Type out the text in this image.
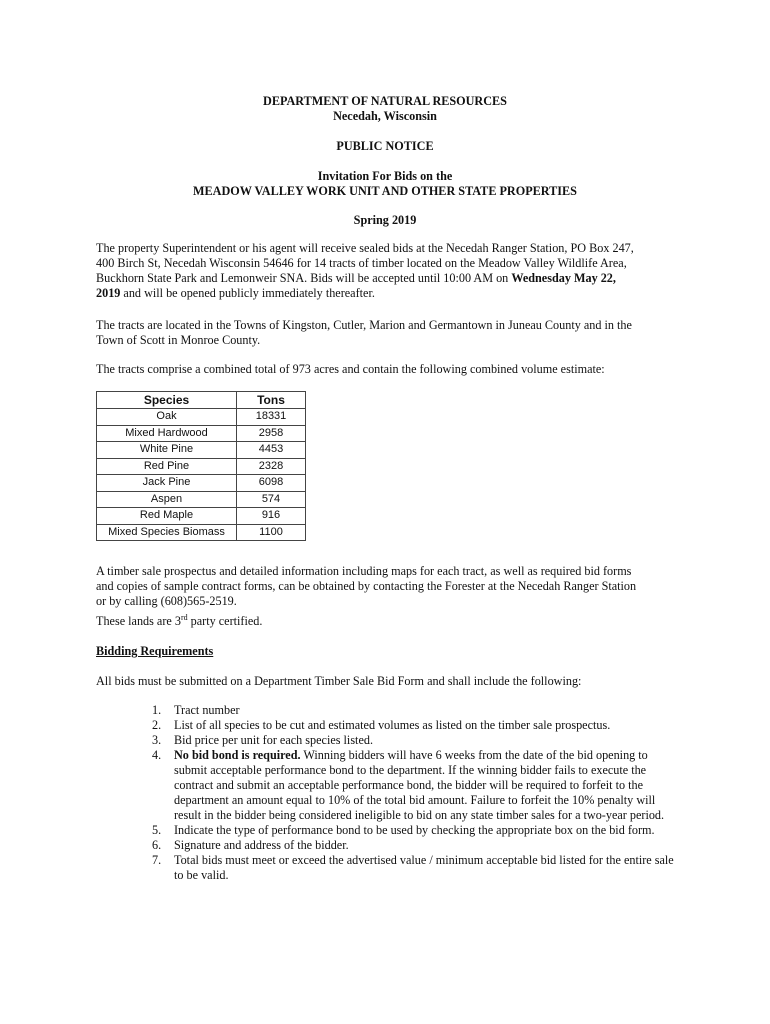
DEPARTMENT OF NATURAL RESOURCES
Necedah, Wisconsin
PUBLIC NOTICE
Invitation For Bids on the
MEADOW VALLEY WORK UNIT AND OTHER STATE PROPERTIES
Spring 2019
The property Superintendent or his agent will receive sealed bids at the Necedah Ranger Station, PO Box 247,
400 Birch St, Necedah Wisconsin 54646 for 14 tracts of timber located on the Meadow Valley Wildlife Area,
Buckhorn State Park and Lemonweir SNA. Bids will be accepted until 10:00 AM on Wednesday May 22,
2019 and will be opened publicly immediately thereafter.
The tracts are located in the Towns of Kingston, Cutler, Marion and Germantown in Juneau County and in the
Town of Scott in Monroe County.
The tracts comprise a combined total of 973 acres and contain the following combined volume estimate:
Species	Tons
Oak	18331
Mixed Hardwood	2958
White Pine	4453
Red Pine	2328
Jack Pine	6098
Aspen	574
Red Maple	916
Mixed Species Biomass	1100
A timber sale prospectus and detailed information including maps for each tract, as well as required bid forms
and copies of sample contract forms, can be obtained by contacting the Forester at the Necedah Ranger Station
or by calling (608)565-2519.
These lands are 3rd party certified.
Bidding Requirements
All bids must be submitted on a Department Timber Sale Bid Form and shall include the following:
1. Tract number
2. List of all species to be cut and estimated volumes as listed on the timber sale prospectus.
3. Bid price per unit for each species listed.
4. No bid bond is required. Winning bidders will have 6 weeks from the date of the bid opening to
submit acceptable performance bond to the department. If the winning bidder fails to execute the
contract and submit an acceptable performance bond, the bidder will be required to forfeit to the
department an amount equal to 10% of the total bid amount. Failure to forfeit the 10% penalty will
result in the bidder being considered ineligible to bid on any state timber sales for a two-year period.
5. Indicate the type of performance bond to be used by checking the appropriate box on the bid form.
6. Signature and address of the bidder.
7. Total bids must meet or exceed the advertised value / minimum acceptable bid listed for the entire sale
to be valid.
